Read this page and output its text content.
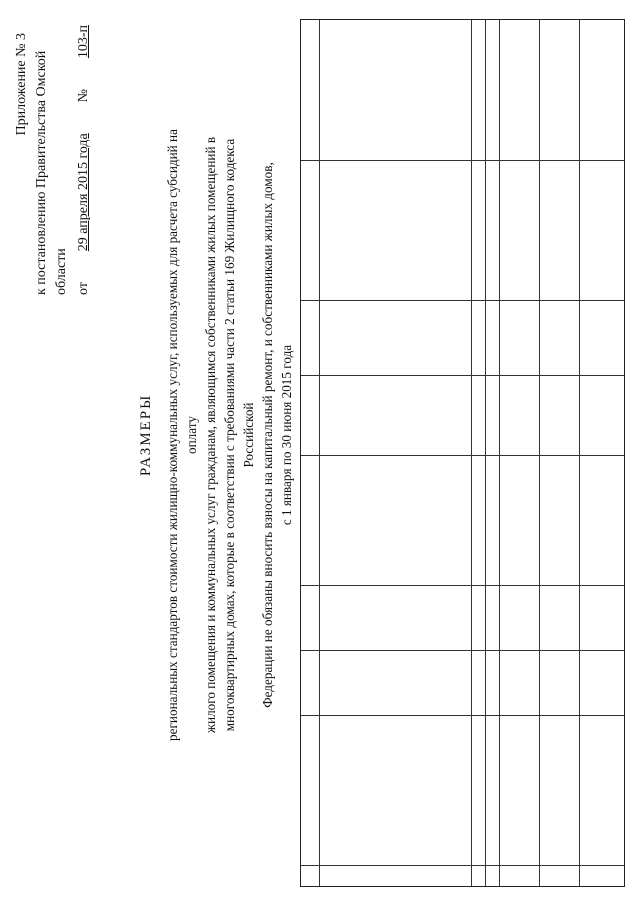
Приложение № 3 к постановлению Правительства Омской области от
29 апреля 2015 года
№
103-п
РАЗМЕРЫ региональных стандартов стоимости жилищно-коммунальных услуг, используемых для расчета субсидий на оплату жилого помещения и коммунальных услуг гражданам, являющимся собственниками жилых помещений в многоквартирных домах, которые в соответствии с требованиями части 2 статьи 169 Жилищного кодекса Российской Федерации не обязаны вносить взносы на капитальный ремонт, и собственниками жилых домов, с 1 января по 30 июня 2015 года
